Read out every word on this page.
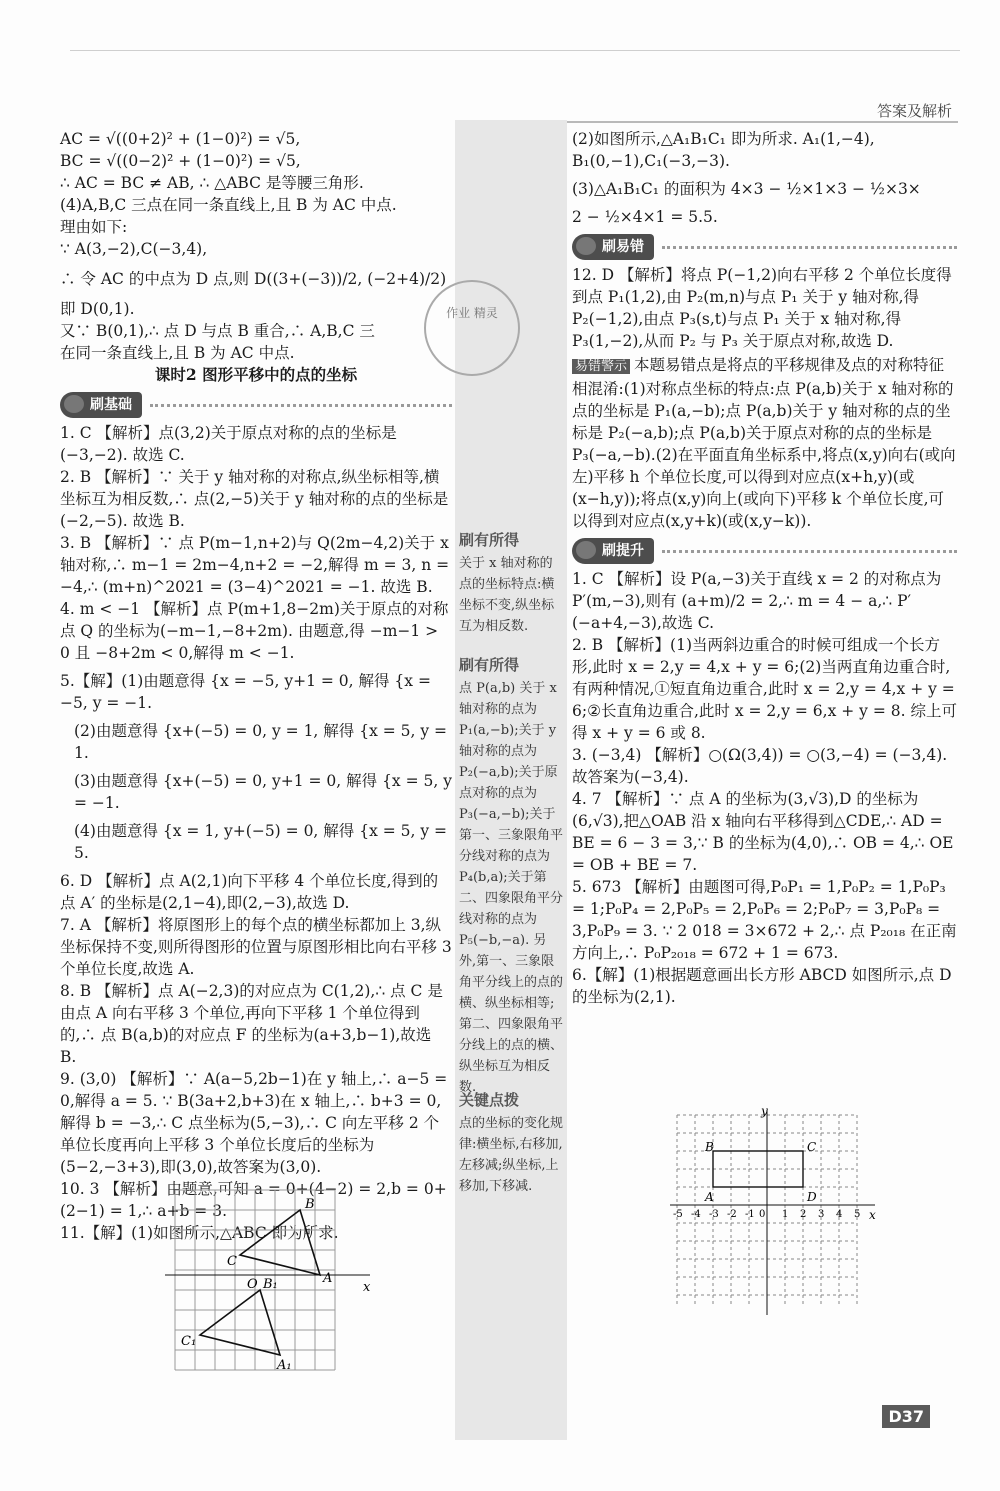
答案及解析

AC = √((0+2)² + (1−0)²) = √5,

BC = √((0−2)² + (1−0)²) = √5,

∴ AC = BC ≠ AB, ∴ △ABC 是等腰三角形.

(4)A,B,C 三点在同一条直线上,且 B 为 AC 中点.

理由如下:

∵ A(3,−2),C(−3,4),

∴ 令 AC 的中点为 D 点,则 D((3+(−3))/2, (−2+4)/2)

即 D(0,1).

又∵ B(0,1),∴ 点 D 与点 B 重合,∴ A,B,C 三

在同一条直线上,且 B 为 AC 中点.

课时2 图形平移中的点的坐标

刷基础

1. C 【解析】点(3,2)关于原点对称的点的坐标是(−3,−2). 故选 C.

2. B 【解析】∵ 关于 y 轴对称的对称点,纵坐标相等,横坐标互为相反数,∴ 点(2,−5)关于 y 轴对称的点的坐标是(−2,−5). 故选 B.

3. B 【解析】∵ 点 P(m−1,n+2)与 Q(2m−4,2)关于 x 轴对称,∴ m−1 = 2m−4,n+2 = −2,解得 m = 3, n = −4,∴ (m+n)^2021 = (3−4)^2021 = −1. 故选 B.

4. m < −1 【解析】点 P(m+1,8−2m)关于原点的对称点 Q 的坐标为(−m−1,−8+2m). 由题意,得 −m−1 > 0 且 −8+2m < 0,解得 m < −1.

5.【解】(1)由题意得 {x = −5, y+1 = 0, 解得 {x = −5, y = −1.

(2)由题意得 {x+(−5) = 0, y = 1, 解得 {x = 5, y = 1.

(3)由题意得 {x+(−5) = 0, y+1 = 0, 解得 {x = 5, y = −1.

(4)由题意得 {x = 1, y+(−5) = 0, 解得 {x = 5, y = 5.

6. D 【解析】点 A(2,1)向下平移 4 个单位长度,得到的点 A′ 的坐标是(2,1−4),即(2,−3),故选 D.

7. A 【解析】将原图形上的每个点的横坐标都加上 3,纵坐标保持不变,则所得图形的位置与原图形相比向右平移 3 个单位长度,故选 A.

8. B 【解析】点 A(−2,3)的对应点为 C(1,2),∴ 点 C 是由点 A 向右平移 3 个单位,再向下平移 1 个单位得到的,∴ 点 B(a,b)的对应点 F 的坐标为(a+3,b−1),故选 B.

9. (3,0) 【解析】∵ A(a−5,2b−1)在 y 轴上,∴ a−5 = 0,解得 a = 5. ∵ B(3a+2,b+3)在 x 轴上,∴ b+3 = 0,解得 b = −3,∴ C 点坐标为(5,−3),∴ C 向左平移 2 个单位长度再向上平移 3 个单位长度后的坐标为(5−2,−3+3),即(3,0),故答案为(3,0).

10. 3 【解析】由题意,可知 a = 0+(4−2) = 2,b = 0+(2−1) = 1,∴ a+b = 3.

11.【解】(1)如图所示,△ABC 即为所求.

B
C
O B₁	A
x
C₁
A₁
刷有所得
关于 x 轴对称的点的坐标特点:横坐标不变,纵坐标互为相反数.
刷有所得
点 P(a,b) 关于 x 轴对称的点为 P₁(a,−b);关于 y 轴对称的点为 P₂(−a,b);关于原点对称的点为 P₃(−a,−b);关于第一、三象限角平分线对称的点为 P₄(b,a);关于第二、四象限角平分线对称的点为 P₅(−b,−a). 另外,第一、三象限角平分线上的点的横、纵坐标相等;第二、四象限角平分线上的点的横、纵坐标互为相反数.
关键点拨
点的坐标的变化规律:横坐标,右移加,左移减;纵坐标,上移加,下移减.
作业 精灵

(2)如图所示,△A₁B₁C₁ 即为所求. A₁(1,−4),

B₁(0,−1),C₁(−3,−3).

(3)△A₁B₁C₁ 的面积为 4×3 − ½×1×3 − ½×3×

2 − ½×4×1 = 5.5.

刷易错

12. D 【解析】将点 P(−1,2)向右平移 2 个单位长度得到点 P₁(1,2),由 P₂(m,n)与点 P₁ 关于 y 轴对称,得 P₂(−1,2),由点 P₃(s,t)与点 P₁ 关于 x 轴对称,得 P₃(1,−2),从而 P₂ 与 P₃ 关于原点对称,故选 D.

易错警示 本题易错点是将点的平移规律及点的对称特征相混淆:(1)对称点坐标的特点:点 P(a,b)关于 x 轴对称的点的坐标是 P₁(a,−b);点 P(a,b)关于 y 轴对称的点的坐标是 P₂(−a,b);点 P(a,b)关于原点对称的点的坐标是 P₃(−a,−b).(2)在平面直角坐标系中,将点(x,y)向右(或向左)平移 h 个单位长度,可以得到对应点(x+h,y)(或(x−h,y));将点(x,y)向上(或向下)平移 k 个单位长度,可以得到对应点(x,y+k)(或(x,y−k)).

刷提升

1. C 【解析】设 P(a,−3)关于直线 x = 2 的对称点为 P′(m,−3),则有 (a+m)/2 = 2,∴ m = 4 − a,∴ P′(−a+4,−3),故选 C.

2. B 【解析】(1)当两斜边重合的时候可组成一个长方形,此时 x = 2,y = 4,x + y = 6;(2)当两直角边重合时,有两种情况,①短直角边重合,此时 x = 2,y = 4,x + y = 6;②长直角边重合,此时 x = 2,y = 6,x + y = 8. 综上可得 x + y = 6 或 8.

3. (−3,4) 【解析】○(Ω(3,4)) = ○(3,−4) = (−3,4). 故答案为(−3,4).

4. 7 【解析】∵ 点 A 的坐标为(3,√3),D 的坐标为(6,√3),把△OAB 沿 x 轴向右平移得到△CDE,∴ AD = BE = 6 − 3 = 3,∵ B 的坐标为(4,0),∴ OB = 4,∴ OE = OB + BE = 7.

5. 673 【解析】由题图可得,P₀P₁ = 1,P₀P₂ = 1,P₀P₃ = 1;P₀P₄ = 2,P₀P₅ = 2,P₀P₆ = 2;P₀P₇ = 3,P₀P₈ = 3,P₀P₉ = 3. ∵ 2 018 = 3×672 + 2,∴ 点 P₂₀₁₈ 在正南方向上,∴ P₀P₂₀₁₈ = 672 + 1 = 673.

6.【解】(1)根据题意画出长方形 ABCD 如图所示,点 D 的坐标为(2,1).

y
B	C
A	D
x
-5 -4 -3 -2 -1 0 1 2 3 4 5
D37
